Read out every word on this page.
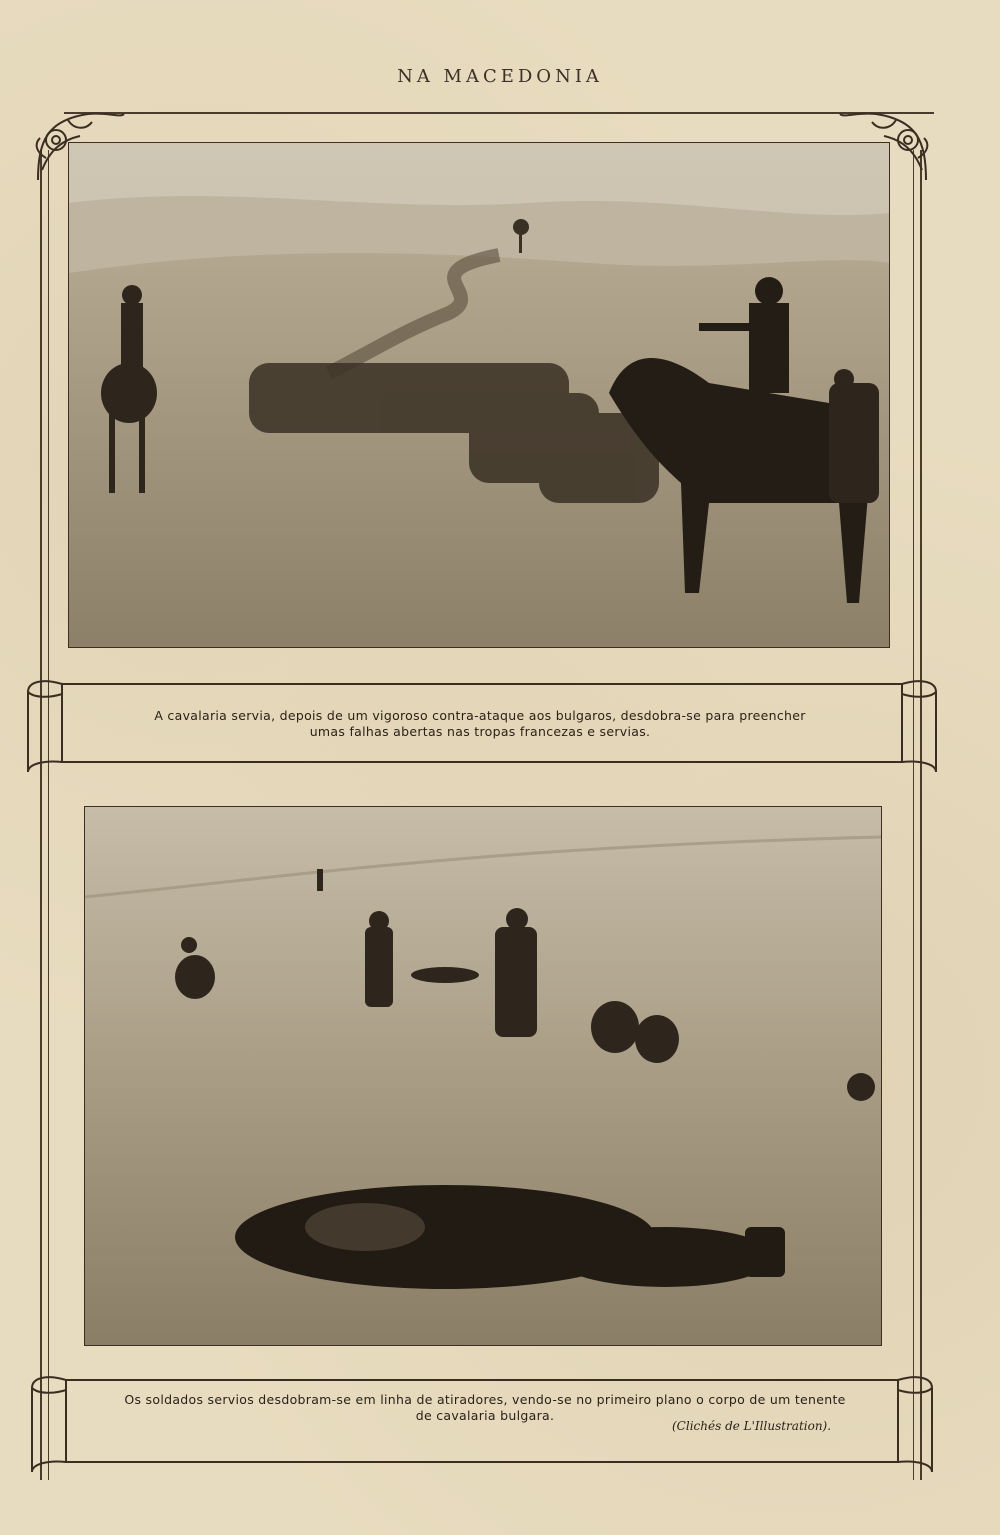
NA MACEDONIA
A cavalaria servia, depois de um vigoroso contra-ataque aos bulgaros, desdobra-se para preencher
umas falhas abertas nas tropas francezas e servias.
Os soldados servios desdobram-se em linha de atiradores, vendo-se no primeiro plano o corpo de um tenente
de cavalaria bulgara.
(Clichés de L'Illustration).
